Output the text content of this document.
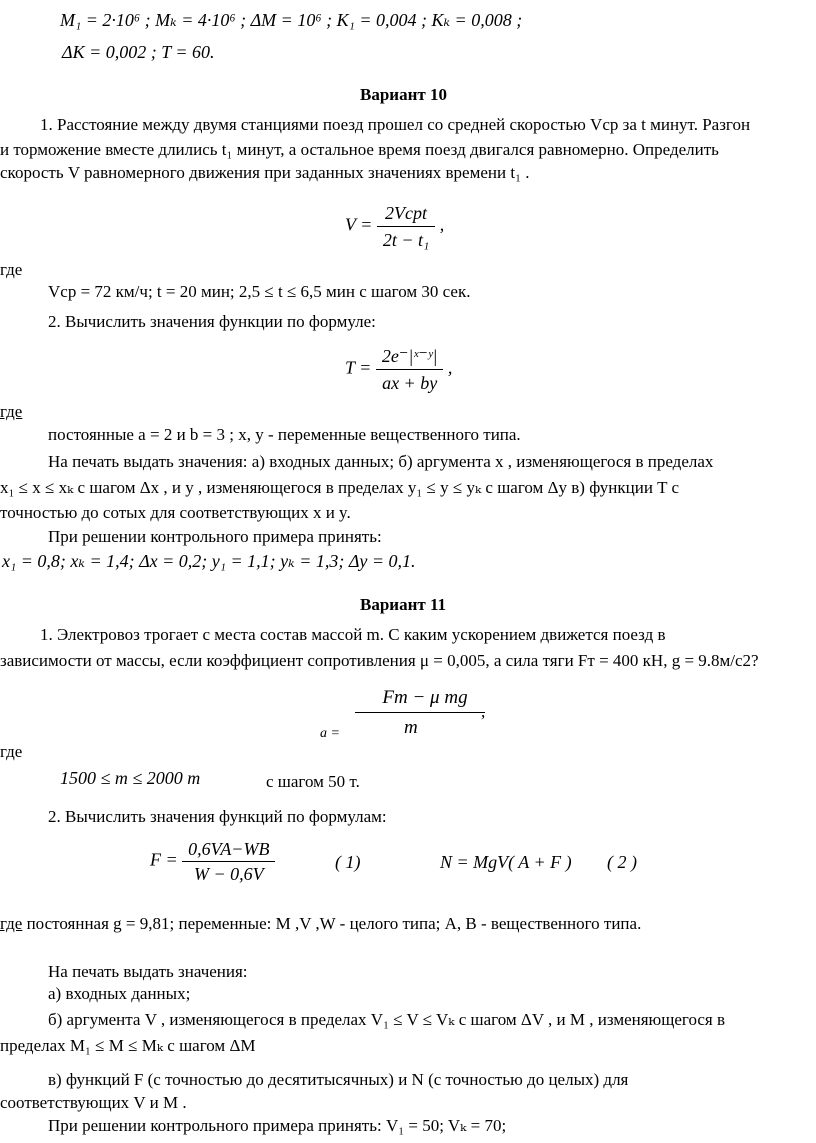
M₁ = 2·10⁶ ; Mₖ = 4·10⁶ ; ΔM = 10⁶ ; K₁ = 0,004 ; Kₖ = 0,008 ;
ΔK = 0,002 ; T = 60.
Вариант 10
1. Расстояние между двумя станциями поезд прошел со средней скоростью Vср за t минут. Разгон
и торможение вместе длились t₁ минут, а остальное время поезд двигался равномерно. Определить
скорость V равномерного движения при заданных значениях времени t₁ .
$V = \frac{\text{2Vсрt}}{\text{2t − t₁}}$ ,
где
Vср = 72 км/ч; t = 20 мин; 2,5 ≤ t ≤ 6,5 мин с шагом 30 сек.
2. Вычислить значения функции по формуле:
$T = \frac{\text{2e⁻|ˣ⁻ʸ|}}{ax + by}$ ,
где
постоянные a = 2 и b = 3 ; x, y - переменные вещественного типа.
На печать выдать значения: а) входных данных; б) аргумента x , изменяющегося в пределах
x₁ ≤ x ≤ xₖ с шагом Δx , и y , изменяющегося в пределах y₁ ≤ y ≤ yₖ с шагом Δy в) функции T с
точностью до сотых для соответствующих x и y.
При решении контрольного примера принять:
x₁ = 0,8; xₖ = 1,4; Δx = 0,2; y₁ = 1,1; yₖ = 1,3; Δy = 0,1.
Вариант 11
1. Электровоз трогает с места состав массой m. С каким ускорением движется поезд в
зависимости от массы, если коэффициент сопротивления μ = 0,005, а сила тяги Fт = 400 кН, g = 9.8м/с2?
Fт − μ mg
,
a =	m
где
1500 ≤ m ≤ 2000 m	с шагом 50 т.
2. Вычислить значения функций по формулам:
$F = \frac{0,6VA-WB}{W - 0,6V}$	( 1)	N = MgV( A + F ) ( 2 )
где постоянная g = 9,81; переменные: M ,V ,W - целого типа; A, B - вещественного типа.
На печать выдать значения:
а) входных данных;
б) аргумента V , изменяющегося в пределах V₁ ≤ V ≤ Vₖ с шагом ΔV , и M , изменяющегося в
пределах M₁ ≤ M ≤ Mₖ с шагом ΔM
в) функций F (с точностью до десятитысячных) и N (с точностью до целых) для
соответствующих V и M .
При решении контрольного примера принять: V₁ = 50; Vₖ = 70;
